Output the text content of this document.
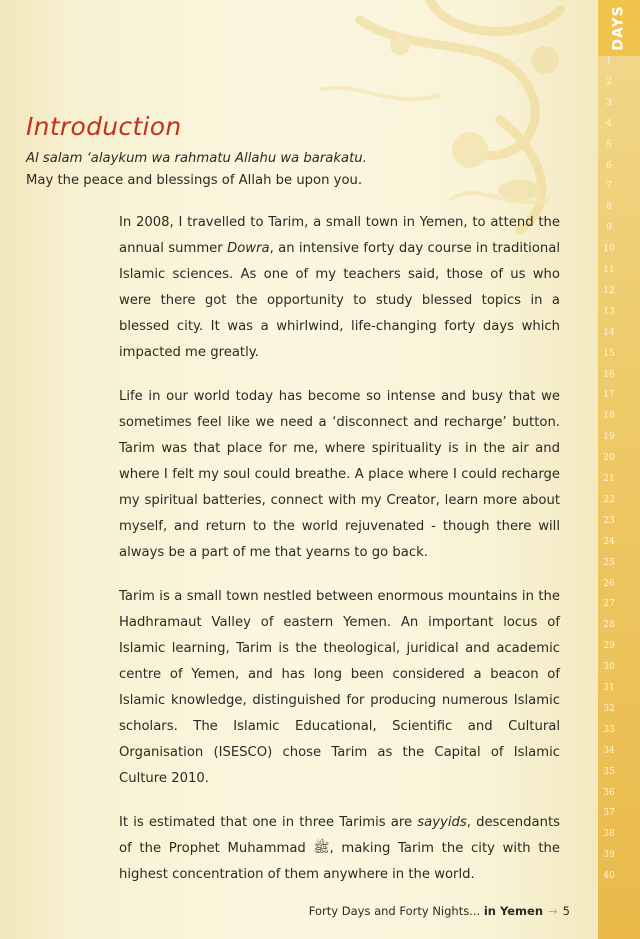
DAYS
1
2
3
4
5
6
7
8
9
10
11
12
13
14
15
16
17
18
19
20
21
22
23
24
25
26
27
28
29
30
31
32
33
34
35
36
37
38
39
40
Introduction
Al salam ‘alaykum wa rahmatu Allahu wa barakatu.
May the peace and blessings of Allah be upon you.

In 2008, I travelled to Tarim, a small town in Yemen, to attend the annual summer Dowra, an intensive forty day course in traditional Islamic sciences. As one of my teachers said, those of us who were there got the opportunity to study blessed topics in a blessed city. It was a whirlwind, life-changing forty days which impacted me greatly.

Life in our world today has become so intense and busy that we sometimes feel like we need a ‘disconnect and recharge’ button. Tarim was that place for me, where spirituality is in the air and where I felt my soul could breathe. A place where I could recharge my spiritual batteries, connect with my Creator, learn more about myself, and return to the world rejuvenated - though there will always be a part of me that yearns to go back.

Tarim is a small town nestled between enormous mountains in the Hadhramaut Valley of eastern Yemen. An important locus of Islamic learning, Tarim is the theological, juridical and academic centre of Yemen, and has long been considered a beacon of Islamic knowledge, distinguished for producing numerous Islamic scholars. The Islamic Educational, Scientific and Cultural Organisation (ISESCO) chose Tarim as the Capital of Islamic Culture 2010.

It is estimated that one in three Tarimis are sayyids, descendants of the Prophet Muhammad ﷺ, making Tarim the city with the highest concentration of them anywhere in the world.

Forty Days and Forty Nights... in Yemen → 5
